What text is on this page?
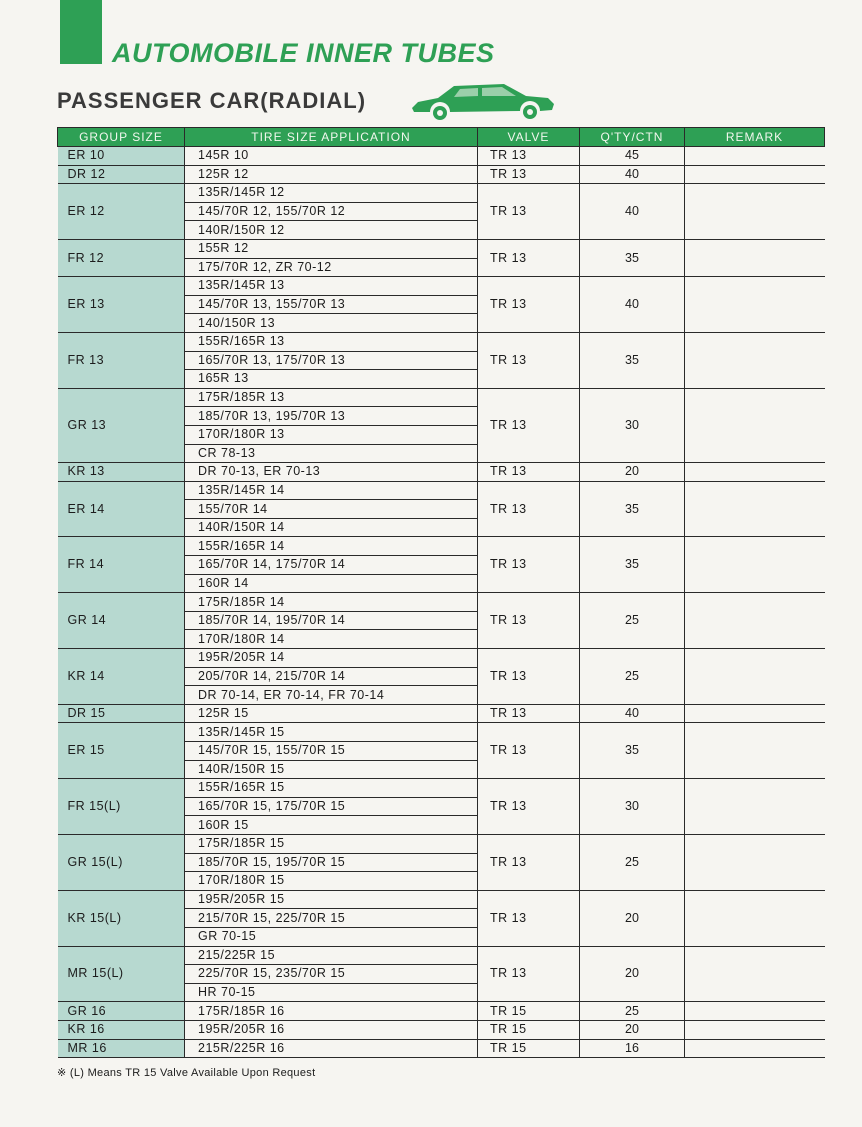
AUTOMOBILE INNER TUBES
PASSENGER CAR(RADIAL)
GROUP SIZE	TIRE SIZE APPLICATION	VALVE	Q'TY/CTN	REMARK
ER 10	145R 10	TR 13	45	
DR 12	125R 12	TR 13	40	
ER 12	135R/145R 12	TR 13	40	
	145/70R 12, 155/70R 12			
	140R/150R 12			
FR 12	155R 12	TR 13	35	
	175/70R 12, ZR 70-12			
ER 13	135R/145R 13	TR 13	40	
	145/70R 13, 155/70R 13			
	140/150R 13			
FR 13	155R/165R 13	TR 13	35	
	165/70R 13, 175/70R 13			
	165R 13			
GR 13	175R/185R 13	TR 13	30	
	185/70R 13, 195/70R 13			
	170R/180R 13			
	CR 78-13			
KR 13	DR 70-13, ER 70-13	TR 13	20	
ER 14	135R/145R 14	TR 13	35	
	155/70R 14			
	140R/150R 14			
FR 14	155R/165R 14	TR 13	35	
	165/70R 14, 175/70R 14			
	160R 14			
GR 14	175R/185R 14	TR 13	25	
	185/70R 14, 195/70R 14			
	170R/180R 14			
KR 14	195R/205R 14	TR 13	25	
	205/70R 14, 215/70R 14			
	DR 70-14, ER 70-14, FR 70-14			
DR 15	125R 15	TR 13	40	
ER 15	135R/145R 15	TR 13	35	
	145/70R 15, 155/70R 15			
	140R/150R 15			
FR 15(L)	155R/165R 15	TR 13	30	
	165/70R 15, 175/70R 15			
	160R 15			
GR 15(L)	175R/185R 15	TR 13	25	
	185/70R 15, 195/70R 15			
	170R/180R 15			
KR 15(L)	195R/205R 15	TR 13	20	
	215/70R 15, 225/70R 15			
	GR 70-15			
MR 15(L)	215/225R 15	TR 13	20	
	225/70R 15, 235/70R 15			
	HR 70-15			
GR 16	175R/185R 16	TR 15	25	
KR 16	195R/205R 16	TR 15	20	
MR 16	215R/225R 16	TR 15	16	
※ (L) Means TR 15 Valve Available Upon Request
